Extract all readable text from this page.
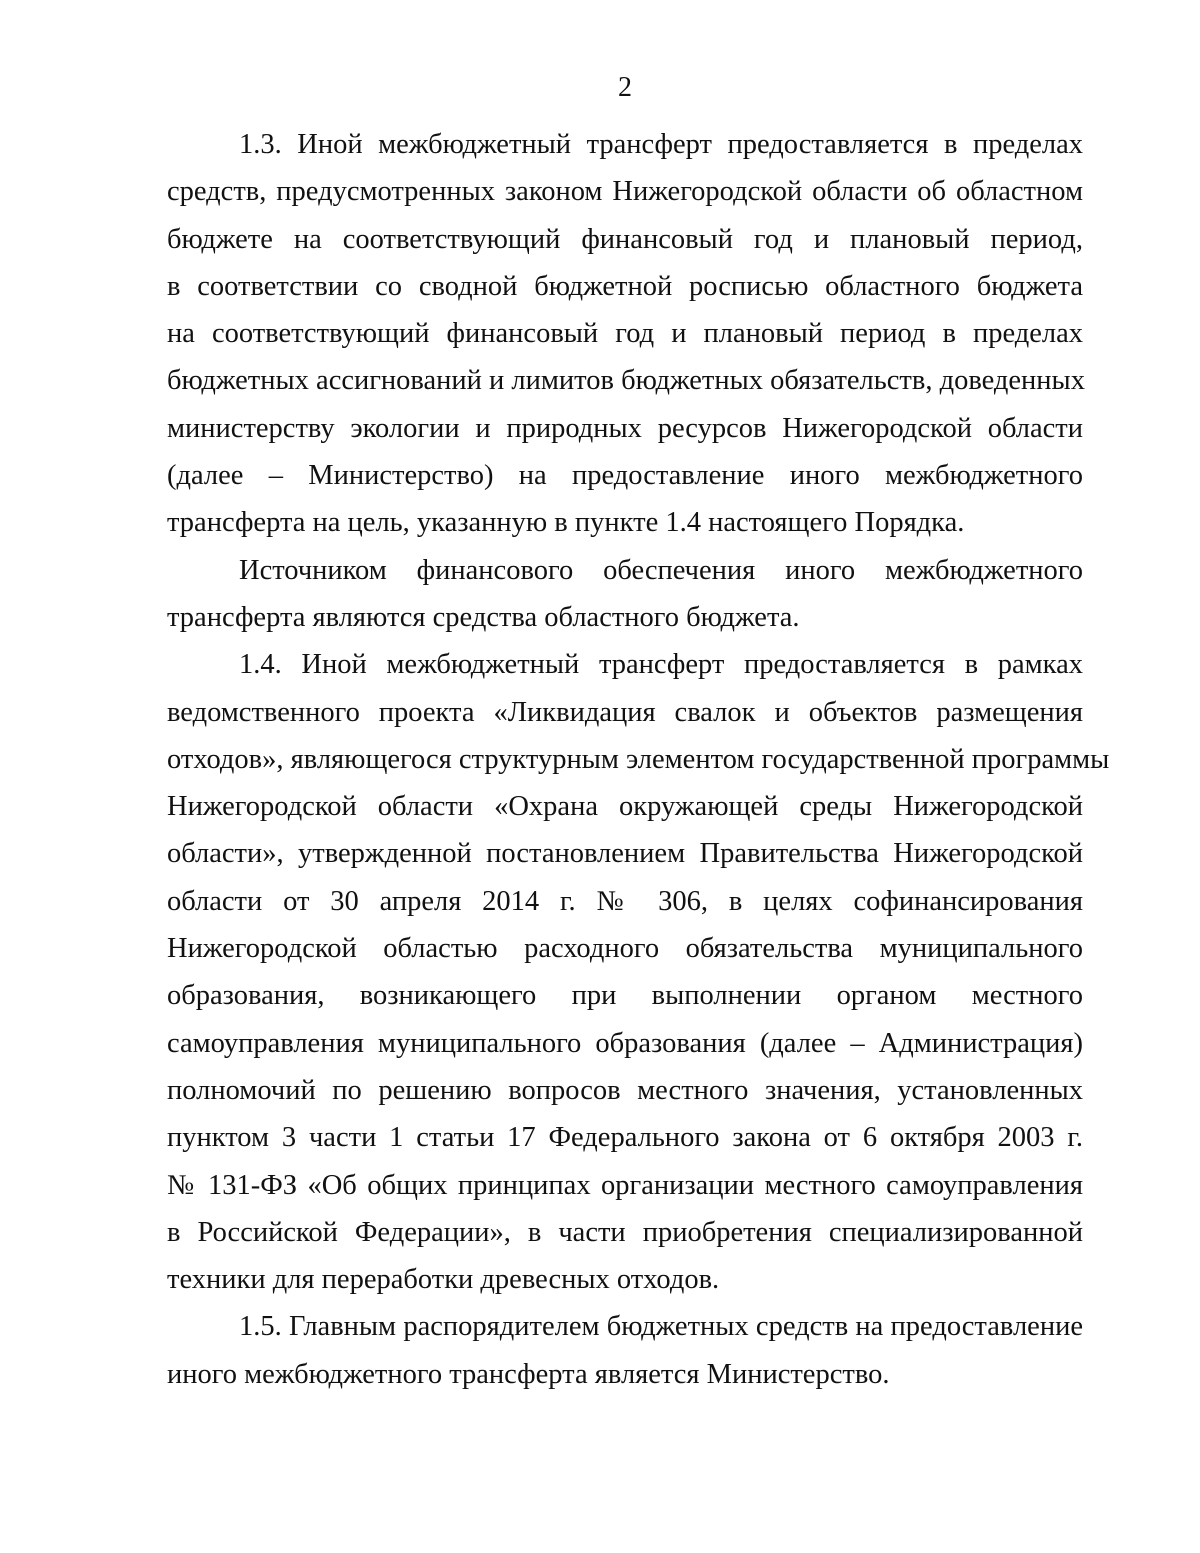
2
1.3. Иной межбюджетный трансферт предоставляется в пределах
средств, предусмотренных законом Нижегородской области об областном
бюджете на соответствующий финансовый год и плановый период,
в соответствии со сводной бюджетной росписью областного бюджета
на соответствующий финансовый год и плановый период в пределах
бюджетных ассигнований и лимитов бюджетных обязательств, доведенных
министерству экологии и природных ресурсов Нижегородской области
(далее – Министерство) на предоставление иного межбюджетного
трансферта на цель, указанную в пункте 1.4 настоящего Порядка.
Источником финансового обеспечения иного межбюджетного
трансферта являются средства областного бюджета.
1.4. Иной межбюджетный трансферт предоставляется в рамках
ведомственного проекта «Ликвидация свалок и объектов размещения
отходов», являющегося структурным элементом государственной программы
Нижегородской области «Охрана окружающей среды Нижегородской
области», утвержденной постановлением Правительства Нижегородской
области от 30 апреля 2014 г. № 306, в целях софинансирования
Нижегородской областью расходного обязательства муниципального
образования, возникающего при выполнении органом местного
самоуправления муниципального образования (далее – Администрация)
полномочий по решению вопросов местного значения, установленных
пунктом 3 части 1 статьи 17 Федерального закона от 6 октября 2003 г.
№ 131-ФЗ «Об общих принципах организации местного самоуправления
в Российской Федерации», в части приобретения специализированной
техники для переработки древесных отходов.
1.5. Главным распорядителем бюджетных средств на предоставление
иного межбюджетного трансферта является Министерство.
